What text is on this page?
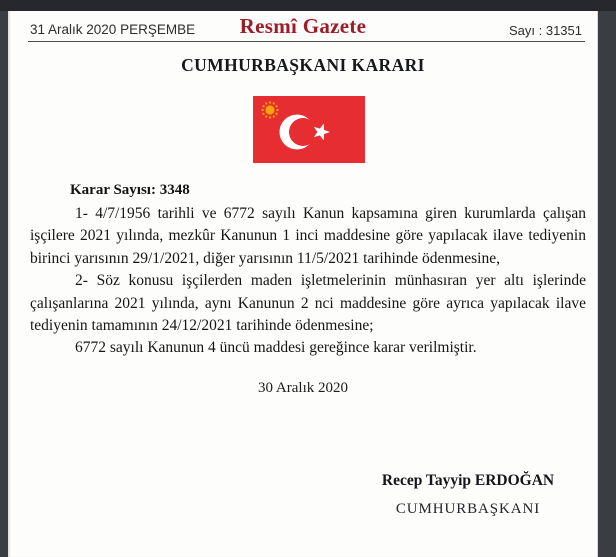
31 Aralık 2020 PERŞEMBE	Resmî Gazete	Sayı : 31351
CUMHURBAŞKANI KARARI
Karar Sayısı: 3348

1- 4/7/1956 tarihli ve 6772 sayılı Kanun kapsamına giren kurumlarda çalışan işçilere 2021 yılında, mezkûr Kanunun 1 inci maddesine göre yapılacak ilave tediyenin birinci yarısının 29/1/2021, diğer yarısının 11/5/2021 tarihinde ödenmesine,

2- Söz konusu işçilerden maden işletmelerinin münhasıran yer altı işlerinde çalışanlarına 2021 yılında, aynı Kanunun 2 nci maddesine göre ayrıca yapılacak ilave tediyenin tamamının 24/12/2021 tarihinde ödenmesine;

6772 sayılı Kanunun 4 üncü maddesi gereğince karar verilmiştir.

30 Aralık 2020

Recep Tayyip ERDOĞAN

CUMHURBAŞKANI
